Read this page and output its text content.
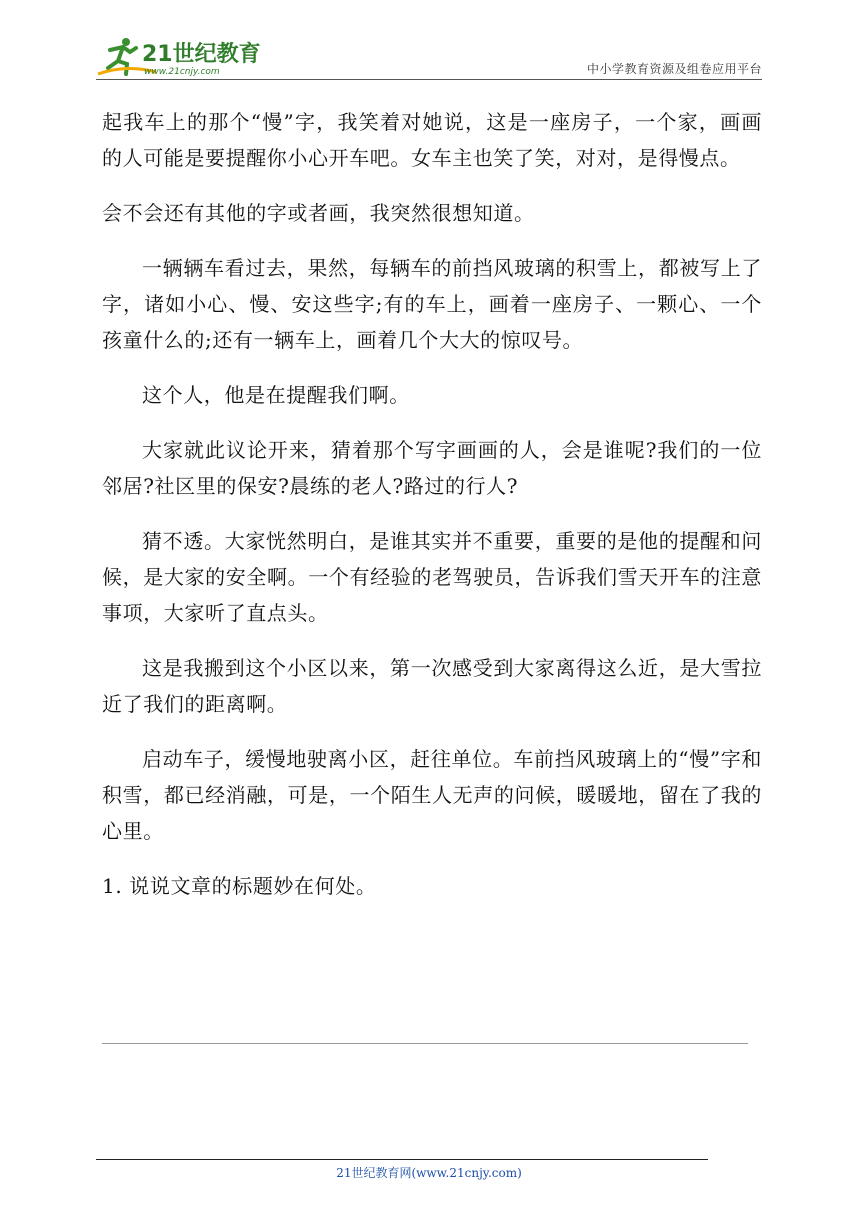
21世纪教育
www.21cnjy.com	中小学教育资源及组卷应用平台

起我车上的那个“慢”字，我笑着对她说，这是一座房子，一个家，画画的人可能是要提醒你小心开车吧。女车主也笑了笑，对对，是得慢点。

会不会还有其他的字或者画，我突然很想知道。

一辆辆车看过去，果然，每辆车的前挡风玻璃的积雪上，都被写上了字，诸如小心、慢、安这些字;有的车上，画着一座房子、一颗心、一个孩童什么的;还有一辆车上，画着几个大大的惊叹号。

这个人，他是在提醒我们啊。

大家就此议论开来，猜着那个写字画画的人，会是谁呢?我们的一位邻居?社区里的保安?晨练的老人?路过的行人?

猜不透。大家恍然明白，是谁其实并不重要，重要的是他的提醒和问候，是大家的安全啊。一个有经验的老驾驶员，告诉我们雪天开车的注意事项，大家听了直点头。

这是我搬到这个小区以来，第一次感受到大家离得这么近，是大雪拉近了我们的距离啊。

启动车子，缓慢地驶离小区，赶往单位。车前挡风玻璃上的“慢”字和积雪，都已经消融，可是，一个陌生人无声的问候，暖暖地，留在了我的心里。

1. 说说文章的标题妙在何处。

21世纪教育网(www.21cnjy.com)
